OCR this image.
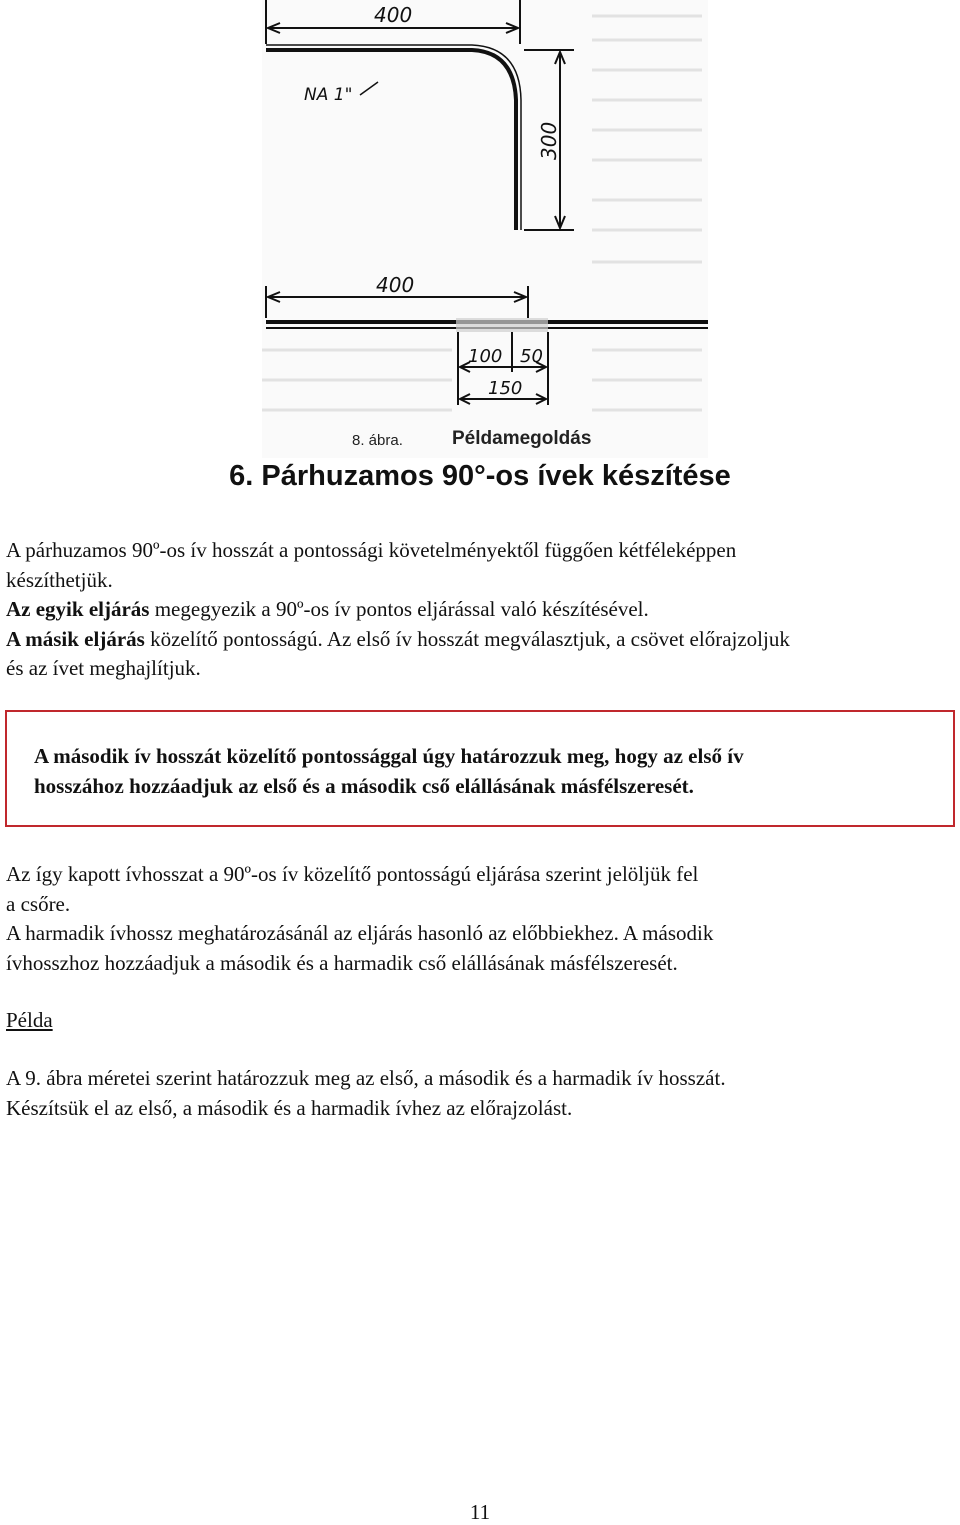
400
NA 1"
300
400
100 50
150
8. ábra.	Példamegoldás
6. Párhuzamos 90°-os ívek készítése
A párhuzamos 90º-os ív hosszát a pontossági követelményektől függően kétféleképpen
készíthetjük.
Az egyik eljárás megegyezik a 90º-os ív pontos eljárással való készítésével.
A másik eljárás közelítő pontosságú. Az első ív hosszát megválasztjuk, a csövet előrajzoljuk
és az ívet meghajlítjuk.
A második ív hosszát közelítő pontossággal úgy határozzuk meg, hogy az első ív
hosszához hozzáadjuk az első és a második cső elállásának másfélszeresét.
Az így kapott ívhosszat a 90º-os ív közelítő pontosságú eljárása szerint jelöljük fel
a csőre.
A harmadik ívhossz meghatározásánál az eljárás hasonló az előbbiekhez. A második
ívhosszhoz hozzáadjuk a második és a harmadik cső elállásának másfélszeresét.
Példa
A 9. ábra méretei szerint határozzuk meg az első, a második és a harmadik ív hosszát.
Készítsük el az első, a második és a harmadik ívhez az előrajzolást.
11
